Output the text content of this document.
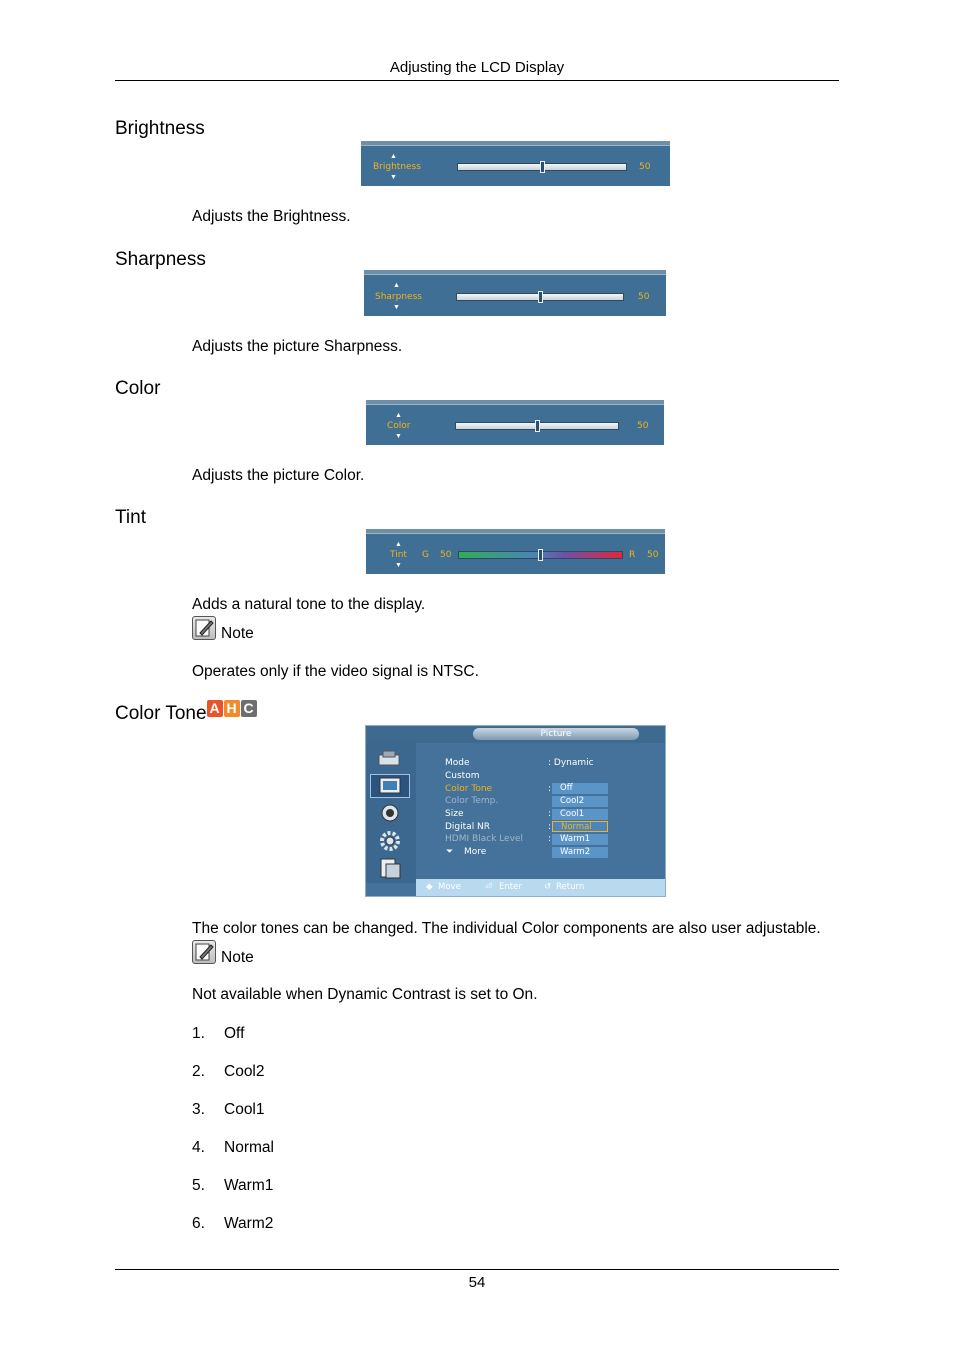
Adjusting the LCD Display
Brightness
▲
Brightness
▼
50
Adjusts the Brightness.
Sharpness
▲
Sharpness
▼
50
Adjusts the picture Sharpness.
Color
▲
Color
▼
50
Adjusts the picture Color.
Tint
▲
Tint
▼
G 50	R 50
Adds a natural tone to the display.
Note
Operates only if the video signal is NTSC.
Color Tone A H C
Picture
Mode	: Dynamic
Custom
Color Tone	:
Color Temp.
Size	:
Digital NR	:
HDMI Black Level	:
⏷ More
Off
Cool2
Cool1
Normal
Warm1
Warm2
◆ Move	⏎ Enter	↺ Return
The color tones can be changed. The individual Color components are also user adjustable.
Note
Not available when Dynamic Contrast is set to On.
1. Off
2. Cool2
3. Cool1
4. Normal
5. Warm1
6. Warm2
54
